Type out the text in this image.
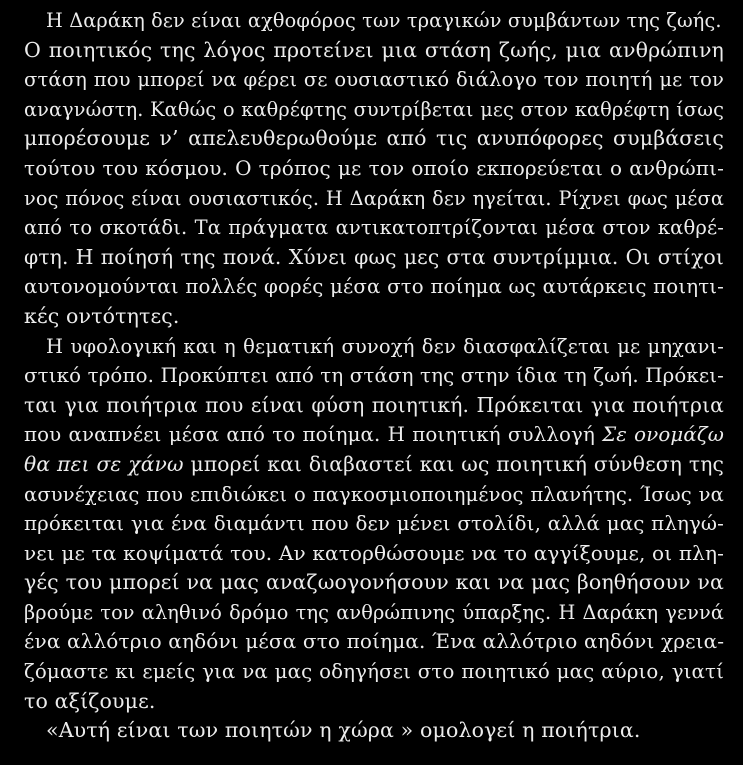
Η Δαράκη δεν είναι αχθοφόρος των τραγικών συμβάντων της ζωής.
Ο ποιητικός της λόγος προτείνει μια στάση ζωής, μια ανθρώπινη
στάση που μπορεί να φέρει σε ουσιαστικό διάλογο τον ποιητή με τον
αναγνώστη. Καθώς ο καθρέφτης συντρίβεται μες στον καθρέφτη ίσως
μπορέσουμε ν’ απελευθερωθούμε από τις ανυπόφορες συμβάσεις
τούτου του κόσμου. Ο τρόπος με τον οποίο εκπορεύεται ο ανθρώπι-
νος πόνος είναι ουσιαστικός. Η Δαράκη δεν ηγείται. Ρίχνει φως μέσα
από το σκοτάδι. Τα πράγματα αντικατοπτρίζονται μέσα στον καθρέ-
φτη. Η ποίησή της πονά. Χύνει φως μες στα συντρίμμια. Οι στίχοι
αυτονομούνται πολλές φορές μέσα στο ποίημα ως αυτάρκεις ποιητι-
κές οντότητες.
Η υφολογική και η θεματική συνοχή δεν διασφαλίζεται με μηχανι-
στικό τρόπο. Προκύπτει από τη στάση της στην ίδια τη ζωή. Πρόκει-
ται για ποιήτρια που είναι φύση ποιητική. Πρόκειται για ποιήτρια
που αναπνέει μέσα από το ποίημα. Η ποιητική συλλογή Σε ονομάζω
θα πει σε χάνω μπορεί και διαβαστεί και ως ποιητική σύνθεση της
ασυνέχειας που επιδιώκει ο παγκοσμιοποιημένος πλανήτης. Ίσως να
πρόκειται για ένα διαμάντι που δεν μένει στολίδι, αλλά μας πληγώ-
νει με τα κοψίματά του. Αν κατορθώσουμε να το αγγίξουμε, οι πλη-
γές του μπορεί να μας αναζωογονήσουν και να μας βοηθήσουν να
βρούμε τον αληθινό δρόμο της ανθρώπινης ύπαρξης. Η Δαράκη γεννά
ένα αλλότριο αηδόνι μέσα στο ποίημα. Ένα αλλότριο αηδόνι χρεια-
ζόμαστε κι εμείς για να μας οδηγήσει στο ποιητικό μας αύριο, γιατί
το αξίζουμε.
«Αυτή είναι των ποιητών η χώρα » ομολογεί η ποιήτρια.
